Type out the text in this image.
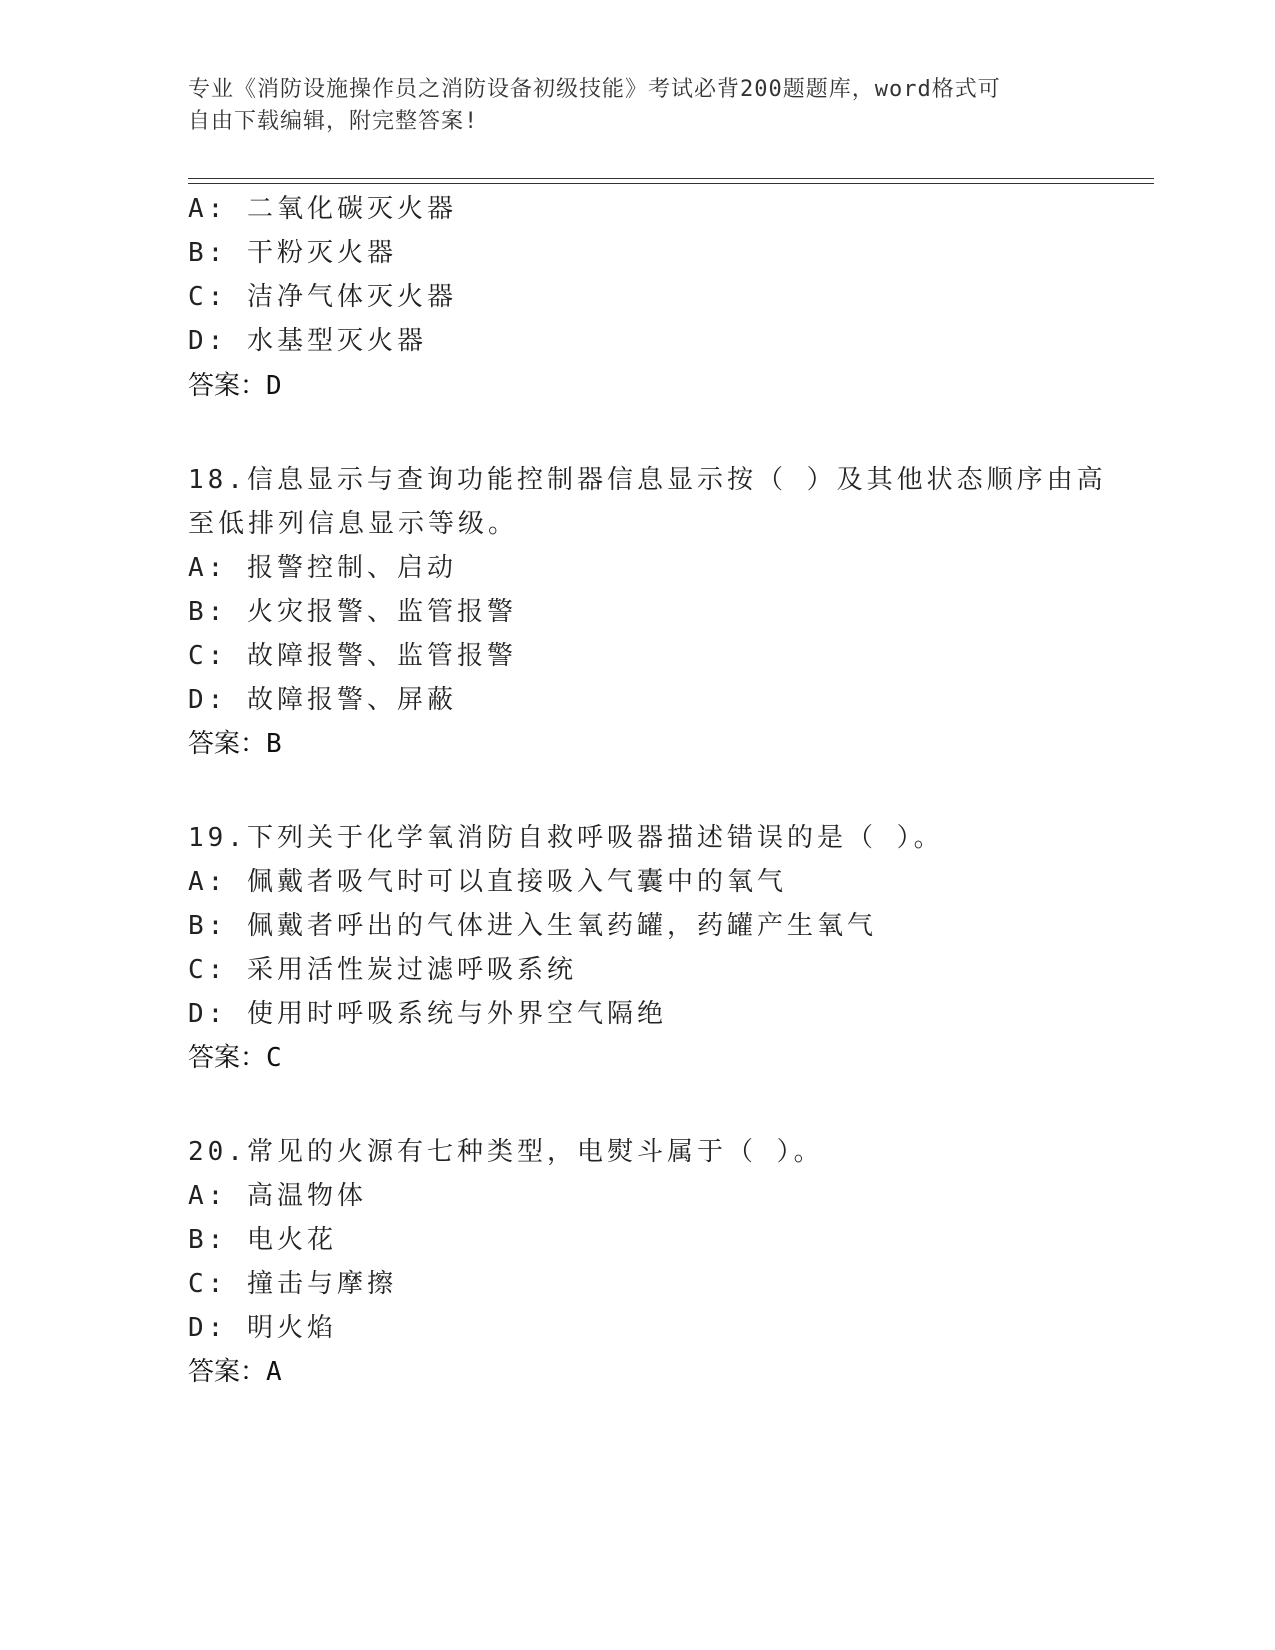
专业《消防设施操作员之消防设备初级技能》考试必背200题题库，word格式可
自由下载编辑，附完整答案!
A: 二氧化碳灭火器
B: 干粉灭火器
C: 洁净气体灭火器
D: 水基型灭火器
答案：D
18.信息显示与查询功能控制器信息显示按（ ）及其他状态顺序由高
至低排列信息显示等级。
A: 报警控制、启动
B: 火灾报警、监管报警
C: 故障报警、监管报警
D: 故障报警、屏蔽
答案：B
19.下列关于化学氧消防自救呼吸器描述错误的是（ ）。
A: 佩戴者吸气时可以直接吸入气囊中的氧气
B: 佩戴者呼出的气体进入生氧药罐，药罐产生氧气
C: 采用活性炭过滤呼吸系统
D: 使用时呼吸系统与外界空气隔绝
答案：C
20.常见的火源有七种类型，电熨斗属于（ ）。
A: 高温物体
B: 电火花
C: 撞击与摩擦
D: 明火焰
答案：A
